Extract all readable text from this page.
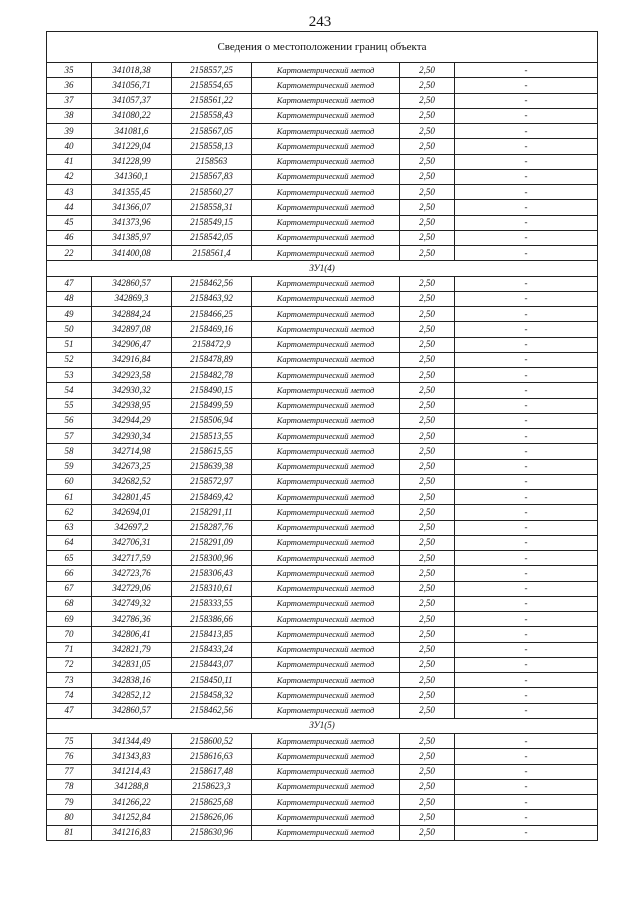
243
Сведения о местоположении границ объекта					
35	341018,38	2158557,25	Картометрический метод	2,50	-
36	341056,71	2158554,65	Картометрический метод	2,50	-
37	341057,37	2158561,22	Картометрический метод	2,50	-
38	341080,22	2158558,43	Картометрический метод	2,50	-
39	341081,6	2158567,05	Картометрический метод	2,50	-
40	341229,04	2158558,13	Картометрический метод	2,50	-
41	341228,99	2158563	Картометрический метод	2,50	-
42	341360,1	2158567,83	Картометрический метод	2,50	-
43	341355,45	2158560,27	Картометрический метод	2,50	-
44	341366,07	2158558,31	Картометрический метод	2,50	-
45	341373,96	2158549,15	Картометрический метод	2,50	-
46	341385,97	2158542,05	Картометрический метод	2,50	-
22	341400,08	2158561,4	Картометрический метод	2,50	-
ЗУ1(4)					
47	342860,57	2158462,56	Картометрический метод	2,50	-
48	342869,3	2158463,92	Картометрический метод	2,50	-
49	342884,24	2158466,25	Картометрический метод	2,50	-
50	342897,08	2158469,16	Картометрический метод	2,50	-
51	342906,47	2158472,9	Картометрический метод	2,50	-
52	342916,84	2158478,89	Картометрический метод	2,50	-
53	342923,58	2158482,78	Картометрический метод	2,50	-
54	342930,32	2158490,15	Картометрический метод	2,50	-
55	342938,95	2158499,59	Картометрический метод	2,50	-
56	342944,29	2158506,94	Картометрический метод	2,50	-
57	342930,34	2158513,55	Картометрический метод	2,50	-
58	342714,98	2158615,55	Картометрический метод	2,50	-
59	342673,25	2158639,38	Картометрический метод	2,50	-
60	342682,52	2158572,97	Картометрический метод	2,50	-
61	342801,45	2158469,42	Картометрический метод	2,50	-
62	342694,01	2158291,11	Картометрический метод	2,50	-
63	342697,2	2158287,76	Картометрический метод	2,50	-
64	342706,31	2158291,09	Картометрический метод	2,50	-
65	342717,59	2158300,96	Картометрический метод	2,50	-
66	342723,76	2158306,43	Картометрический метод	2,50	-
67	342729,06	2158310,61	Картометрический метод	2,50	-
68	342749,32	2158333,55	Картометрический метод	2,50	-
69	342786,36	2158386,66	Картометрический метод	2,50	-
70	342806,41	2158413,85	Картометрический метод	2,50	-
71	342821,79	2158433,24	Картометрический метод	2,50	-
72	342831,05	2158443,07	Картометрический метод	2,50	-
73	342838,16	2158450,11	Картометрический метод	2,50	-
74	342852,12	2158458,32	Картометрический метод	2,50	-
47	342860,57	2158462,56	Картометрический метод	2,50	-
ЗУ1(5)					
75	341344,49	2158600,52	Картометрический метод	2,50	-
76	341343,83	2158616,63	Картометрический метод	2,50	-
77	341214,43	2158617,48	Картометрический метод	2,50	-
78	341288,8	2158623,3	Картометрический метод	2,50	-
79	341266,22	2158625,68	Картометрический метод	2,50	-
80	341252,84	2158626,06	Картометрический метод	2,50	-
81	341216,83	2158630,96	Картометрический метод	2,50	-
